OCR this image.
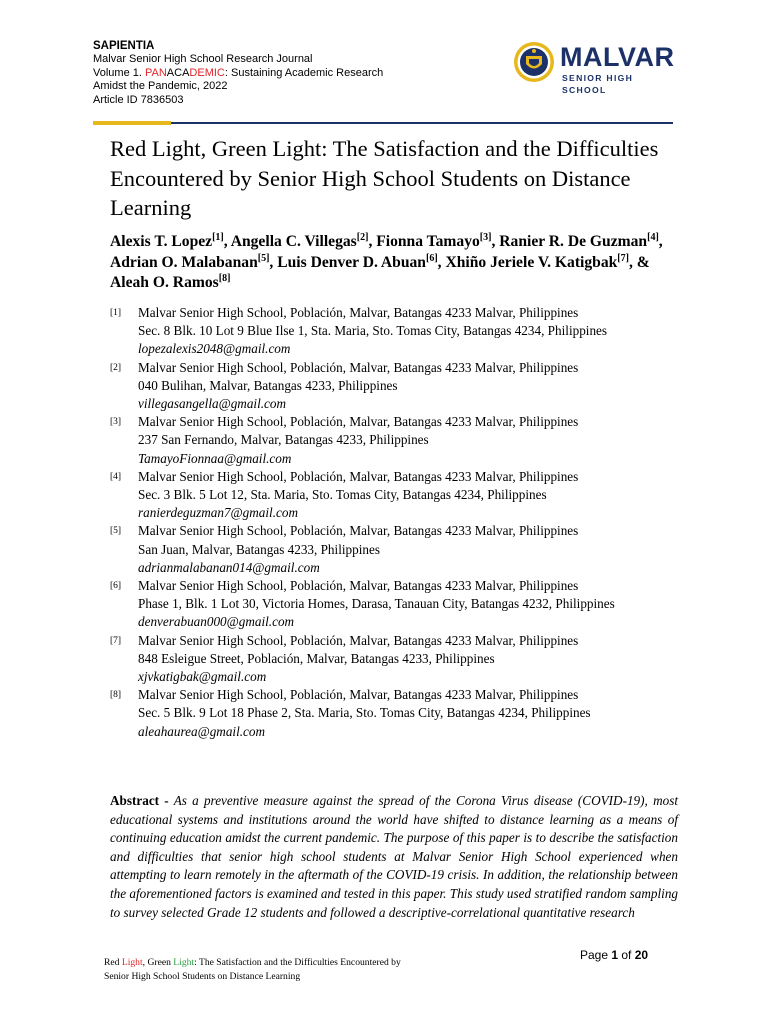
SAPIENTIA
Malvar Senior High School Research Journal
Volume 1. PANACADEMIC: Sustaining Academic Research
Amidst the Pandemic, 2022
Article ID 7836503
MALVAR
SENIOR HIGH SCHOOL
Red Light, Green Light: The Satisfaction and the Difficulties Encountered by Senior High School Students on Distance Learning
Alexis T. Lopez[1], Angella C. Villegas[2], Fionna Tamayo[3], Ranier R. De Guzman[4], Adrian O. Malabanan[5], Luis Denver D. Abuan[6], Xhiño Jeriele V. Katigbak[7], & Aleah O. Ramos[8]
[1]	Malvar Senior High School, Población, Malvar, Batangas 4233 Malvar, Philippines
Sec. 8 Blk. 10 Lot 9 Blue Ilse 1, Sta. Maria, Sto. Tomas City, Batangas 4234, Philippines
lopezalexis2048@gmail.com
[2]	Malvar Senior High School, Población, Malvar, Batangas 4233 Malvar, Philippines
040 Bulihan, Malvar, Batangas 4233, Philippines
villegasangella@gmail.com
[3]	Malvar Senior High School, Población, Malvar, Batangas 4233 Malvar, Philippines
237 San Fernando, Malvar, Batangas 4233, Philippines
TamayoFionnaa@gmail.com
[4]	Malvar Senior High School, Población, Malvar, Batangas 4233 Malvar, Philippines
Sec. 3 Blk. 5 Lot 12, Sta. Maria, Sto. Tomas City, Batangas 4234, Philippines
ranierdeguzman7@gmail.com
[5]	Malvar Senior High School, Población, Malvar, Batangas 4233 Malvar, Philippines
San Juan, Malvar, Batangas 4233, Philippines
adrianmalabanan014@gmail.com
[6]	Malvar Senior High School, Población, Malvar, Batangas 4233 Malvar, Philippines
Phase 1, Blk. 1 Lot 30, Victoria Homes, Darasa, Tanauan City, Batangas 4232, Philippines
denverabuan000@gmail.com
[7]	Malvar Senior High School, Población, Malvar, Batangas 4233 Malvar, Philippines
848 Esleigue Street, Población, Malvar, Batangas 4233, Philippines
xjvkatigbak@gmail.com
[8]	Malvar Senior High School, Población, Malvar, Batangas 4233 Malvar, Philippines
Sec. 5 Blk. 9 Lot 18 Phase 2, Sta. Maria, Sto. Tomas City, Batangas 4234, Philippines
aleahaurea@gmail.com
Abstract - As a preventive measure against the spread of the Corona Virus disease (COVID-19), most educational systems and institutions around the world have shifted to distance learning as a means of continuing education amidst the current pandemic. The purpose of this paper is to describe the satisfaction and difficulties that senior high school students at Malvar Senior High School experienced when attempting to learn remotely in the aftermath of the COVID-19 crisis. In addition, the relationship between the aforementioned factors is examined and tested in this paper. This study used stratified random sampling to survey selected Grade 12 students and followed a descriptive-correlational quantitative research
Red Light, Green Light: The Satisfaction and the Difficulties Encountered by Senior High School Students on Distance Learning
Page 1 of 20
